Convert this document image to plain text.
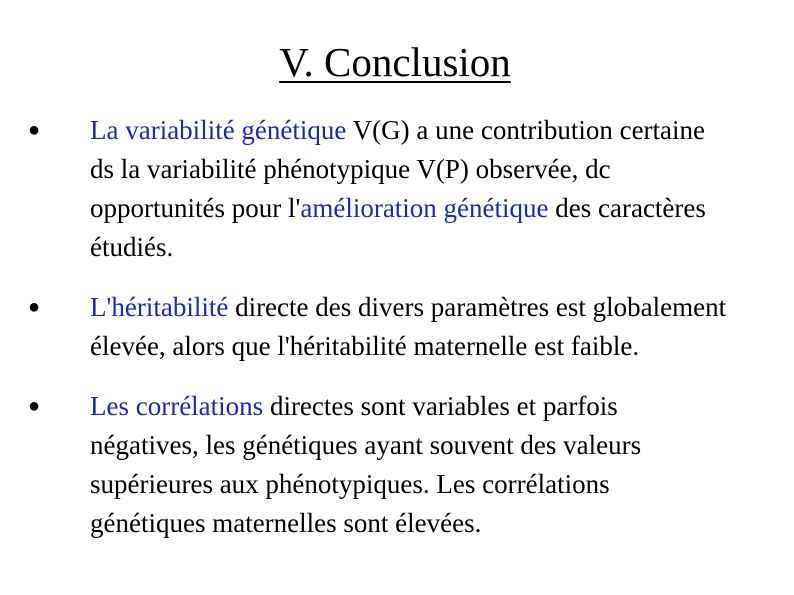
V. Conclusion
● La variabilité génétique V(G) a une contribution certaine ds la variabilité phénotypique V(P) observée, dc opportunités pour l'amélioration génétique des caractères étudiés.
● L'héritabilité directe des divers paramètres est globalement élevée, alors que l'héritabilité maternelle est faible.
● Les corrélations directes sont variables et parfois négatives, les génétiques ayant souvent des valeurs supérieures aux phénotypiques. Les corrélations génétiques maternelles sont élevées.
